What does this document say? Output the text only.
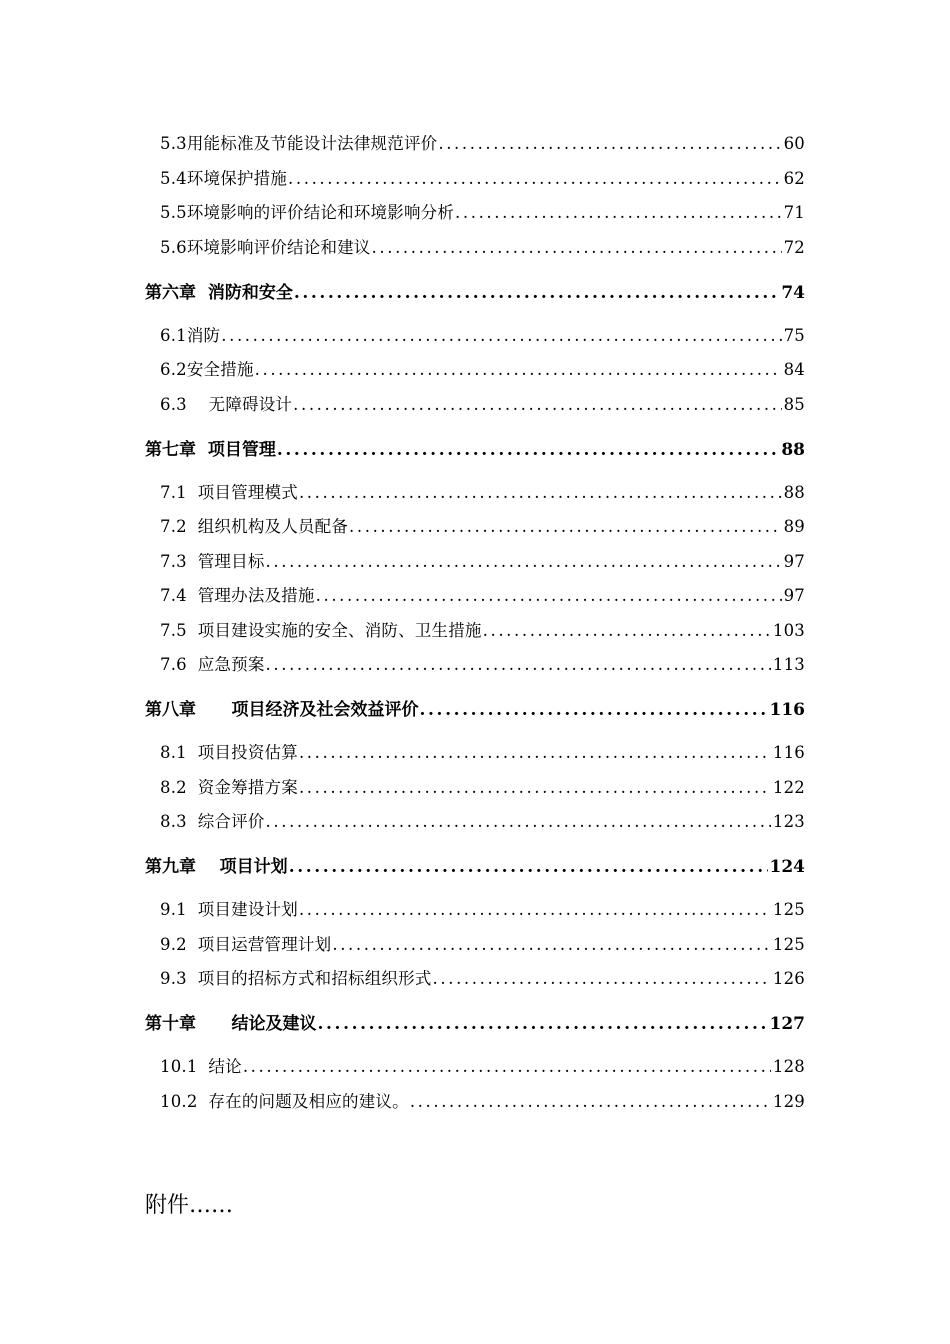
5.3用能标准及节能设计法律规范评价 .....	60
5.4环境保护措施 .....	62
5.5环境影响的评价结论和环境影响分析 .....	71
5.6环境影响评价结论和建议 .....	72
第六章  消防和安全 .....	74
6.1消防 .....	75
6.2安全措施 .....	84
6.3    无障碍设计 .....	85
第七章  项目管理 .....	88
7.1  项目管理模式 .....	88
7.2  组织机构及人员配备 .....	89
7.3  管理目标 .....	97
7.4  管理办法及措施 .....	97
7.5  项目建设实施的安全、消防、卫生措施 .....	103
7.6  应急预案 .....	113
第八章      项目经济及社会效益评价 .....	116
8.1  项目投资估算 .....	116
8.2  资金筹措方案 .....	122
8.3  综合评价 .....	123
第九章    项目计划 .....	124
9.1  项目建设计划 .....	125
9.2  项目运营管理计划 .....	125
9.3  项目的招标方式和招标组织形式 .....	126
第十章      结论及建议 .....	127
10.1  结论 .....	128
10.2  存在的问题及相应的建议。 .....	129
附件……
